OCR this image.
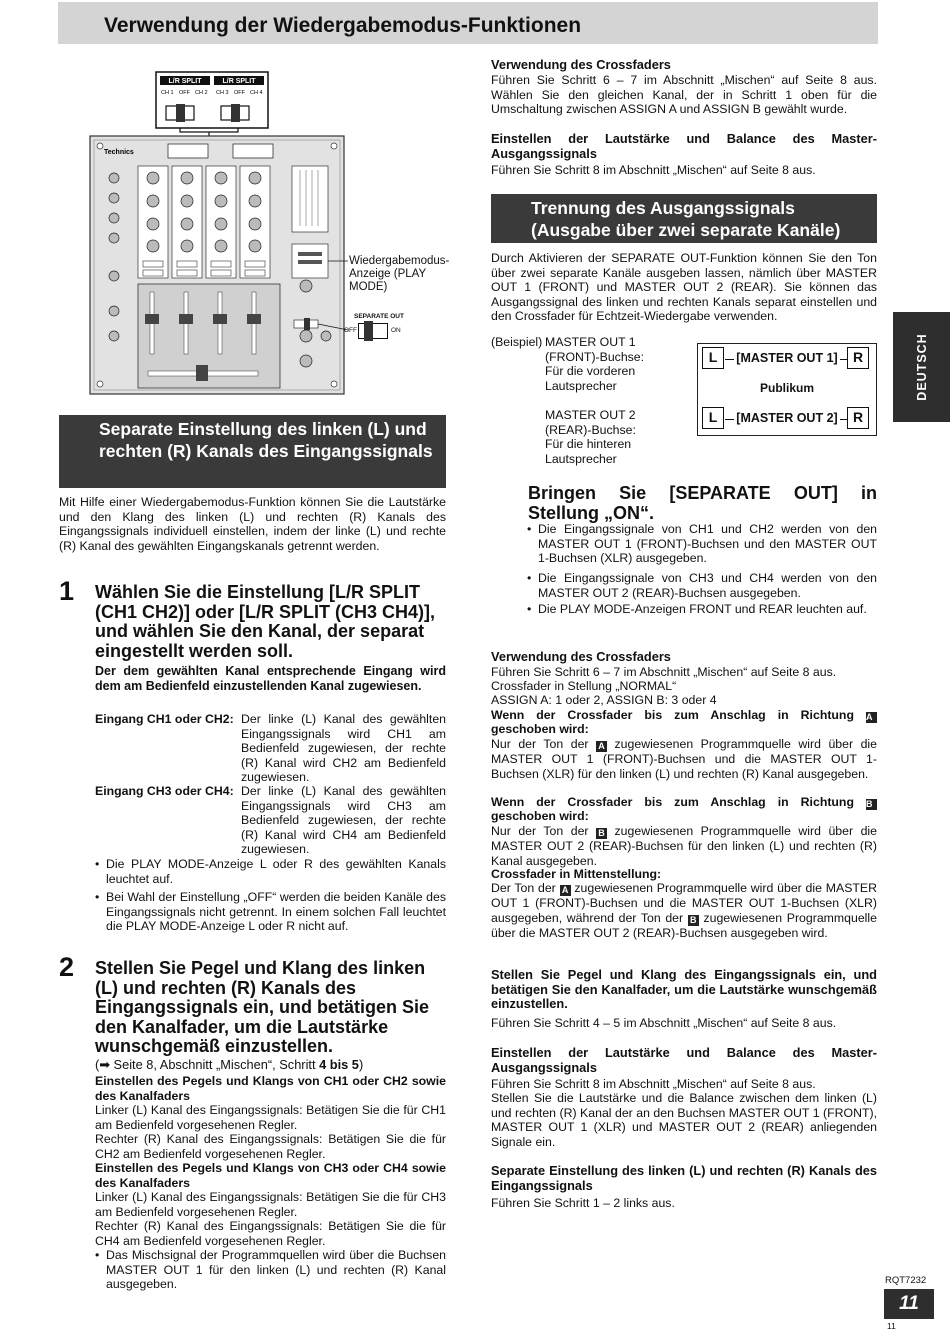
Verwendung der Wiedergabemodus-Funktionen
L/R SPLIT	L/R SPLIT
CH 1 OFF CH 2 CH 3 OFF CH 4
Technics
Wiedergabemodus-
Anzeige (PLAY
MODE)
SEPARATE OUT
OFF	ON
Separate Einstellung des linken (L) und rechten (R) Kanals des Eingangssignals
Mit Hilfe einer Wiedergabemodus-Funktion können Sie die Lautstärke und den Klang des linken (L) und rechten (R) Kanals des Eingangssignals individuell einstellen, indem der linke (L) und rechte (R) Kanal des gewählten Eingangskanals getrennt werden.
1 Wählen Sie die Einstellung [L/R SPLIT (CH1 CH2)] oder [L/R SPLIT (CH3 CH4)], und wählen Sie den Kanal, der separat eingestellt werden soll.
Der dem gewählten Kanal entsprechende Eingang wird dem am Bedienfeld einzustellenden Kanal zugewiesen.
Eingang CH1 oder CH2: Der linke (L) Kanal des gewählten Eingangssignals wird CH1 am Bedienfeld zugewiesen, der rechte (R) Kanal wird CH2 am Bedienfeld zugewiesen.
Eingang CH3 oder CH4: Der linke (L) Kanal des gewählten Eingangssignals wird CH3 am Bedienfeld zugewiesen, der rechte (R) Kanal wird CH4 am Bedienfeld zugewiesen.
• Die PLAY MODE-Anzeige L oder R des gewählten Kanals leuchtet auf.
• Bei Wahl der Einstellung „OFF“ werden die beiden Kanäle des Eingangssignals nicht getrennt. In einem solchen Fall leuchtet die PLAY MODE-Anzeige L oder R nicht auf.
2 Stellen Sie Pegel und Klang des linken (L) und rechten (R) Kanals des Eingangssignals ein, und betätigen Sie den Kanalfader, um die Lautstärke wunschgemäß einzustellen.
(➡ Seite 8, Abschnitt „Mischen“, Schritt 4 bis 5)
Einstellen des Pegels und Klangs von CH1 oder CH2 sowie des Kanalfaders
Linker (L) Kanal des Eingangssignals: Betätigen Sie die für CH1 am Bedienfeld vorgesehenen Regler.
Rechter (R) Kanal des Eingangssignals: Betätigen Sie die für CH2 am Bedienfeld vorgesehenen Regler.
Einstellen des Pegels und Klangs von CH3 oder CH4 sowie des Kanalfaders
Linker (L) Kanal des Eingangssignals: Betätigen Sie die für CH3 am Bedienfeld vorgesehenen Regler.
Rechter (R) Kanal des Eingangssignals: Betätigen Sie die für CH4 am Bedienfeld vorgesehenen Regler.
• Das Mischsignal der Programmquellen wird über die Buchsen MASTER OUT 1 für den linken (L) und rechten (R) Kanal ausgegeben.
Verwendung des Crossfaders
Führen Sie Schritt 6 – 7 im Abschnitt „Mischen“ auf Seite 8 aus. Wählen Sie den gleichen Kanal, der in Schritt 1 oben für die Umschaltung zwischen ASSIGN A und ASSIGN B gewählt wurde.
Einstellen der Lautstärke und Balance des Master-Ausgangssignals
Führen Sie Schritt 8 im Abschnitt „Mischen“ auf Seite 8 aus.
Trennung des Ausgangssignals (Ausgabe über zwei separate Kanäle)
Durch Aktivieren der SEPARATE OUT-Funktion können Sie den Ton über zwei separate Kanäle ausgeben lassen, nämlich über MASTER OUT 1 (FRONT) und MASTER OUT 2 (REAR). Sie können das Ausgangssignal des linken und rechten Kanals separat einstellen und den Crossfader für Echtzeit-Wiedergabe verwenden.
(Beispiel) MASTER OUT 1
(FRONT)-Buchse:
Für die vorderen
Lautsprecher
MASTER OUT 2
(REAR)-Buchse:
Für die hinteren
Lautsprecher
L	[MASTER OUT 1]	R
Publikum
L	[MASTER OUT 2]	R
Bringen Sie [SEPARATE OUT] in Stellung „ON“.
• Die Eingangssignale von CH1 und CH2 werden von den MASTER OUT 1 (FRONT)-Buchsen und den MASTER OUT 1-Buchsen (XLR) ausgegeben.
• Die Eingangssignale von CH3 und CH4 werden von den MASTER OUT 2 (REAR)-Buchsen ausgegeben.
• Die PLAY MODE-Anzeigen FRONT und REAR leuchten auf.
Verwendung des Crossfaders
Führen Sie Schritt 6 – 7 im Abschnitt „Mischen“ auf Seite 8 aus.
Crossfader in Stellung „NORMAL“
ASSIGN A: 1 oder 2, ASSIGN B: 3 oder 4
Wenn der Crossfader bis zum Anschlag in Richtung A
geschoben wird:
Nur der Ton der A zugewiesenen Programmquelle wird über die MASTER OUT 1 (FRONT)-Buchsen und die MASTER OUT 1-Buchsen (XLR) für den linken (L) und rechten (R) Kanal ausgegeben.
Wenn der Crossfader bis zum Anschlag in Richtung B
geschoben wird:
Nur der Ton der B zugewiesenen Programmquelle wird über die MASTER OUT 2 (REAR)-Buchsen für den linken (L) und rechten (R) Kanal ausgegeben.
Crossfader in Mittenstellung:
Der Ton der A zugewiesenen Programmquelle wird über die MASTER OUT 1 (FRONT)-Buchsen und die MASTER OUT 1-Buchsen (XLR) ausgegeben, während der Ton der B zugewiesenen Programmquelle über die MASTER OUT 2 (REAR)-Buchsen ausgegeben wird.
Stellen Sie Pegel und Klang des Eingangssignals ein, und betätigen Sie den Kanalfader, um die Lautstärke wunschgemäß einzustellen.
Führen Sie Schritt 4 – 5 im Abschnitt „Mischen“ auf Seite 8 aus.
Einstellen der Lautstärke und Balance des Master-Ausgangssignals
Führen Sie Schritt 8 im Abschnitt „Mischen“ auf Seite 8 aus.
Stellen Sie die Lautstärke und die Balance zwischen dem linken (L) und rechten (R) Kanal der an den Buchsen MASTER OUT 1 (FRONT), MASTER OUT 1 (XLR) und MASTER OUT 2 (REAR) anliegenden Signale ein.
Separate Einstellung des linken (L) und rechten (R) Kanals des Eingangssignals
Führen Sie Schritt 1 – 2 links aus.
DEUTSCH
RQT7232
11
11
